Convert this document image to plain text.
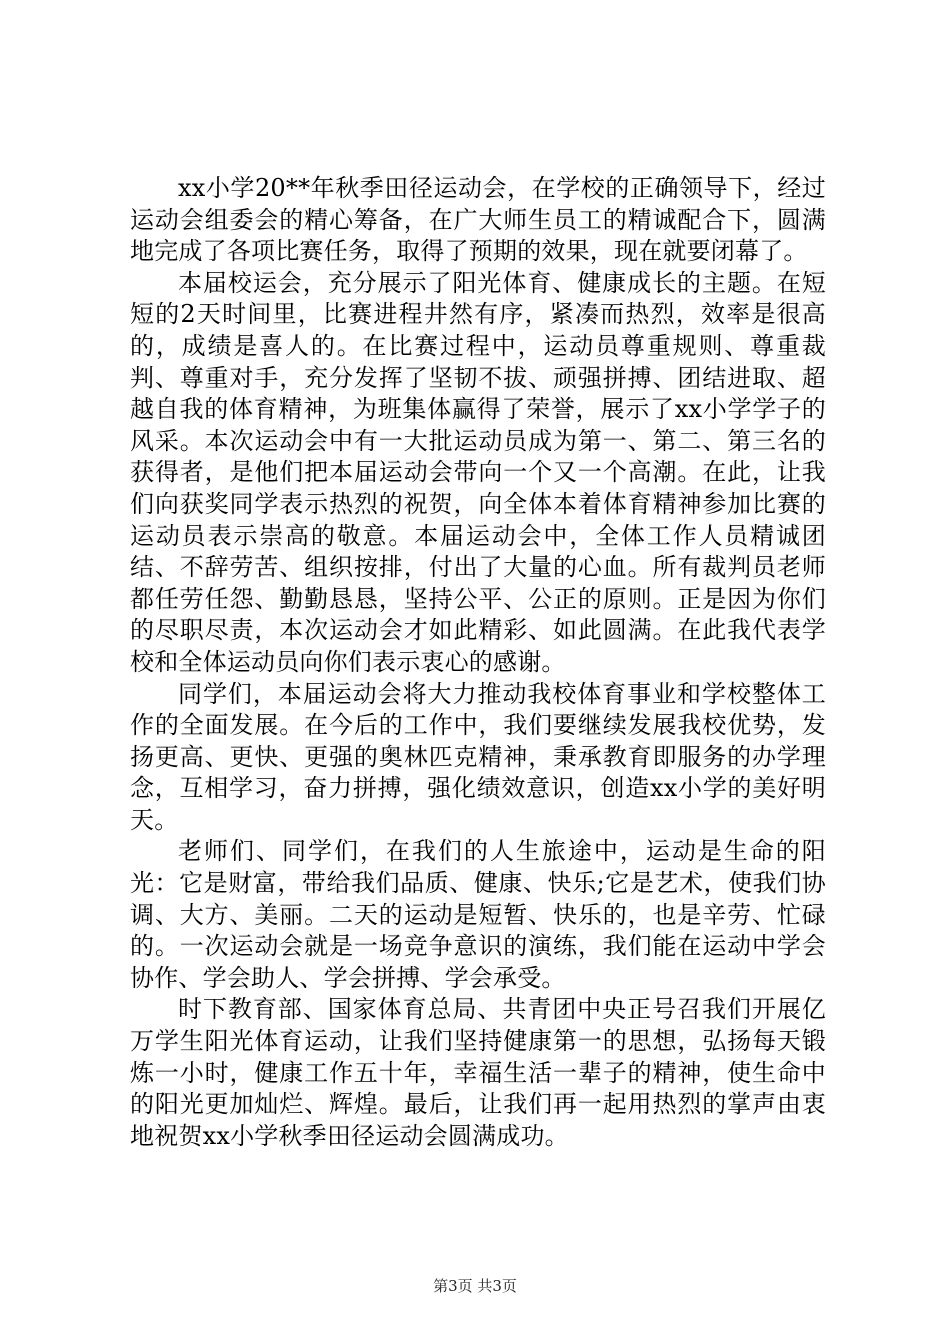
xx小学20**年秋季田径运动会，在学校的正确领导下，经过运动会组委会的精心筹备，在广大师生员工的精诚配合下，圆满地完成了各项比赛任务，取得了预期的效果，现在就要闭幕了。

本届校运会，充分展示了阳光体育、健康成长的主题。在短短的2天时间里，比赛进程井然有序，紧凑而热烈，效率是很高的，成绩是喜人的。在比赛过程中，运动员尊重规则、尊重裁判、尊重对手，充分发挥了坚韧不拔、顽强拼搏、团结进取、超越自我的体育精神，为班集体赢得了荣誉，展示了xx小学学子的风采。本次运动会中有一大批运动员成为第一、第二、第三名的获得者，是他们把本届运动会带向一个又一个高潮。在此，让我们向获奖同学表示热烈的祝贺，向全体本着体育精神参加比赛的运动员表示崇高的敬意。本届运动会中，全体工作人员精诚团结、不辞劳苦、组织按排，付出了大量的心血。所有裁判员老师都任劳任怨、勤勤恳恳，坚持公平、公正的原则。正是因为你们的尽职尽责，本次运动会才如此精彩、如此圆满。在此我代表学校和全体运动员向你们表示衷心的感谢。

同学们，本届运动会将大力推动我校体育事业和学校整体工作的全面发展。在今后的工作中，我们要继续发展我校优势，发扬更高、更快、更强的奥林匹克精神，秉承教育即服务的办学理念，互相学习，奋力拼搏，强化绩效意识，创造xx小学的美好明天。

老师们、同学们，在我们的人生旅途中，运动是生命的阳光：它是财富，带给我们品质、健康、快乐;它是艺术，使我们协调、大方、美丽。二天的运动是短暂、快乐的，也是辛劳、忙碌的。一次运动会就是一场竞争意识的演练，我们能在运动中学会协作、学会助人、学会拼搏、学会承受。

时下教育部、国家体育总局、共青团中央正号召我们开展亿万学生阳光体育运动，让我们坚持健康第一的思想，弘扬每天锻炼一小时，健康工作五十年，幸福生活一辈子的精神，使生命中的阳光更加灿烂、辉煌。最后，让我们再一起用热烈的掌声由衷地祝贺xx小学秋季田径运动会圆满成功。

第3页 共3页
